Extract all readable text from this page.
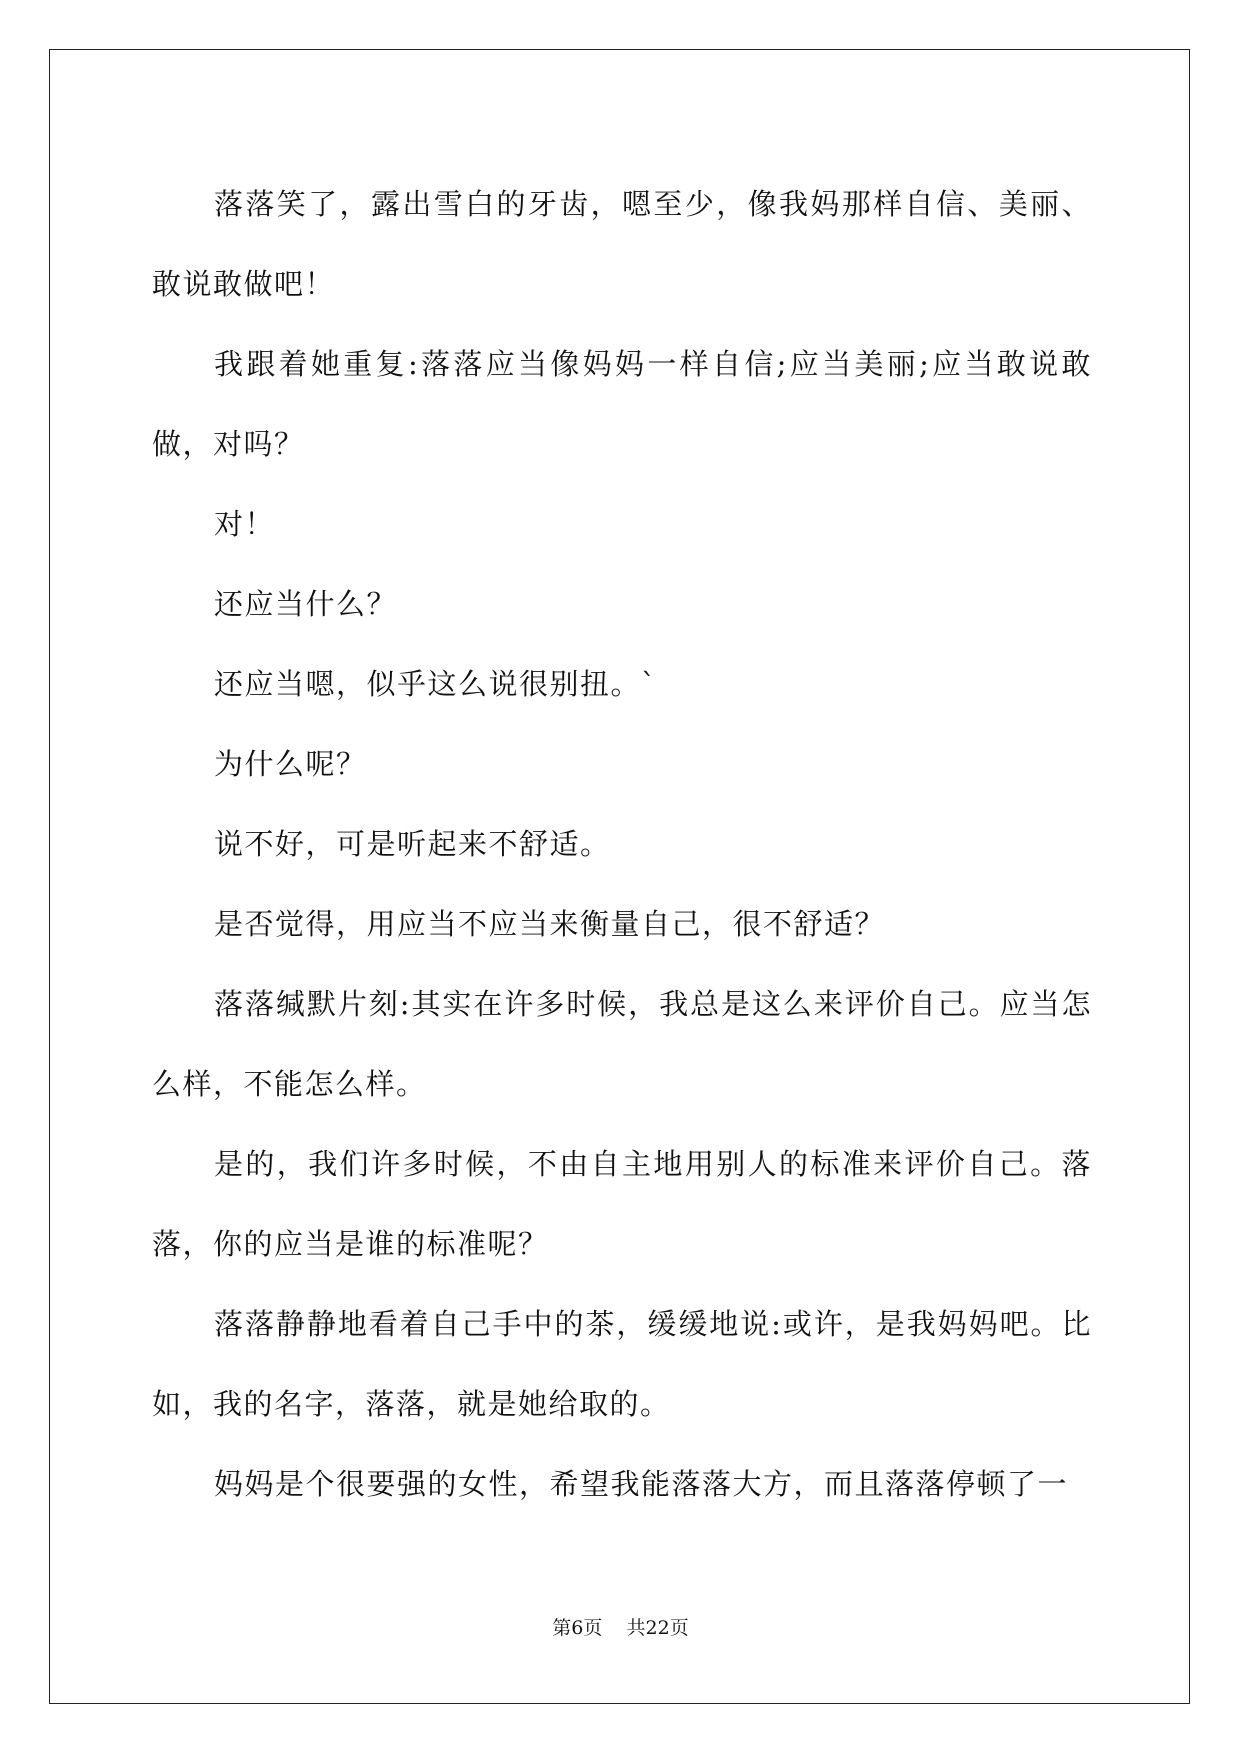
落落笑了，露出雪白的牙齿，嗯至少，像我妈那样自信、美丽、敢说敢做吧！

我跟着她重复:落落应当像妈妈一样自信;应当美丽;应当敢说敢做，对吗？

对！

还应当什么？

还应当嗯，似乎这么说很别扭。`

为什么呢？

说不好，可是听起来不舒适。

是否觉得，用应当不应当来衡量自己，很不舒适？

落落缄默片刻:其实在许多时候，我总是这么来评价自己。应当怎么样，不能怎么样。

是的，我们许多时候，不由自主地用别人的标准来评价自己。落落，你的应当是谁的标准呢？

落落静静地看着自己手中的茶，缓缓地说:或许，是我妈妈吧。比如，我的名字，落落，就是她给取的。

妈妈是个很要强的女性，希望我能落落大方，而且落落停顿了一

第6页 共22页
